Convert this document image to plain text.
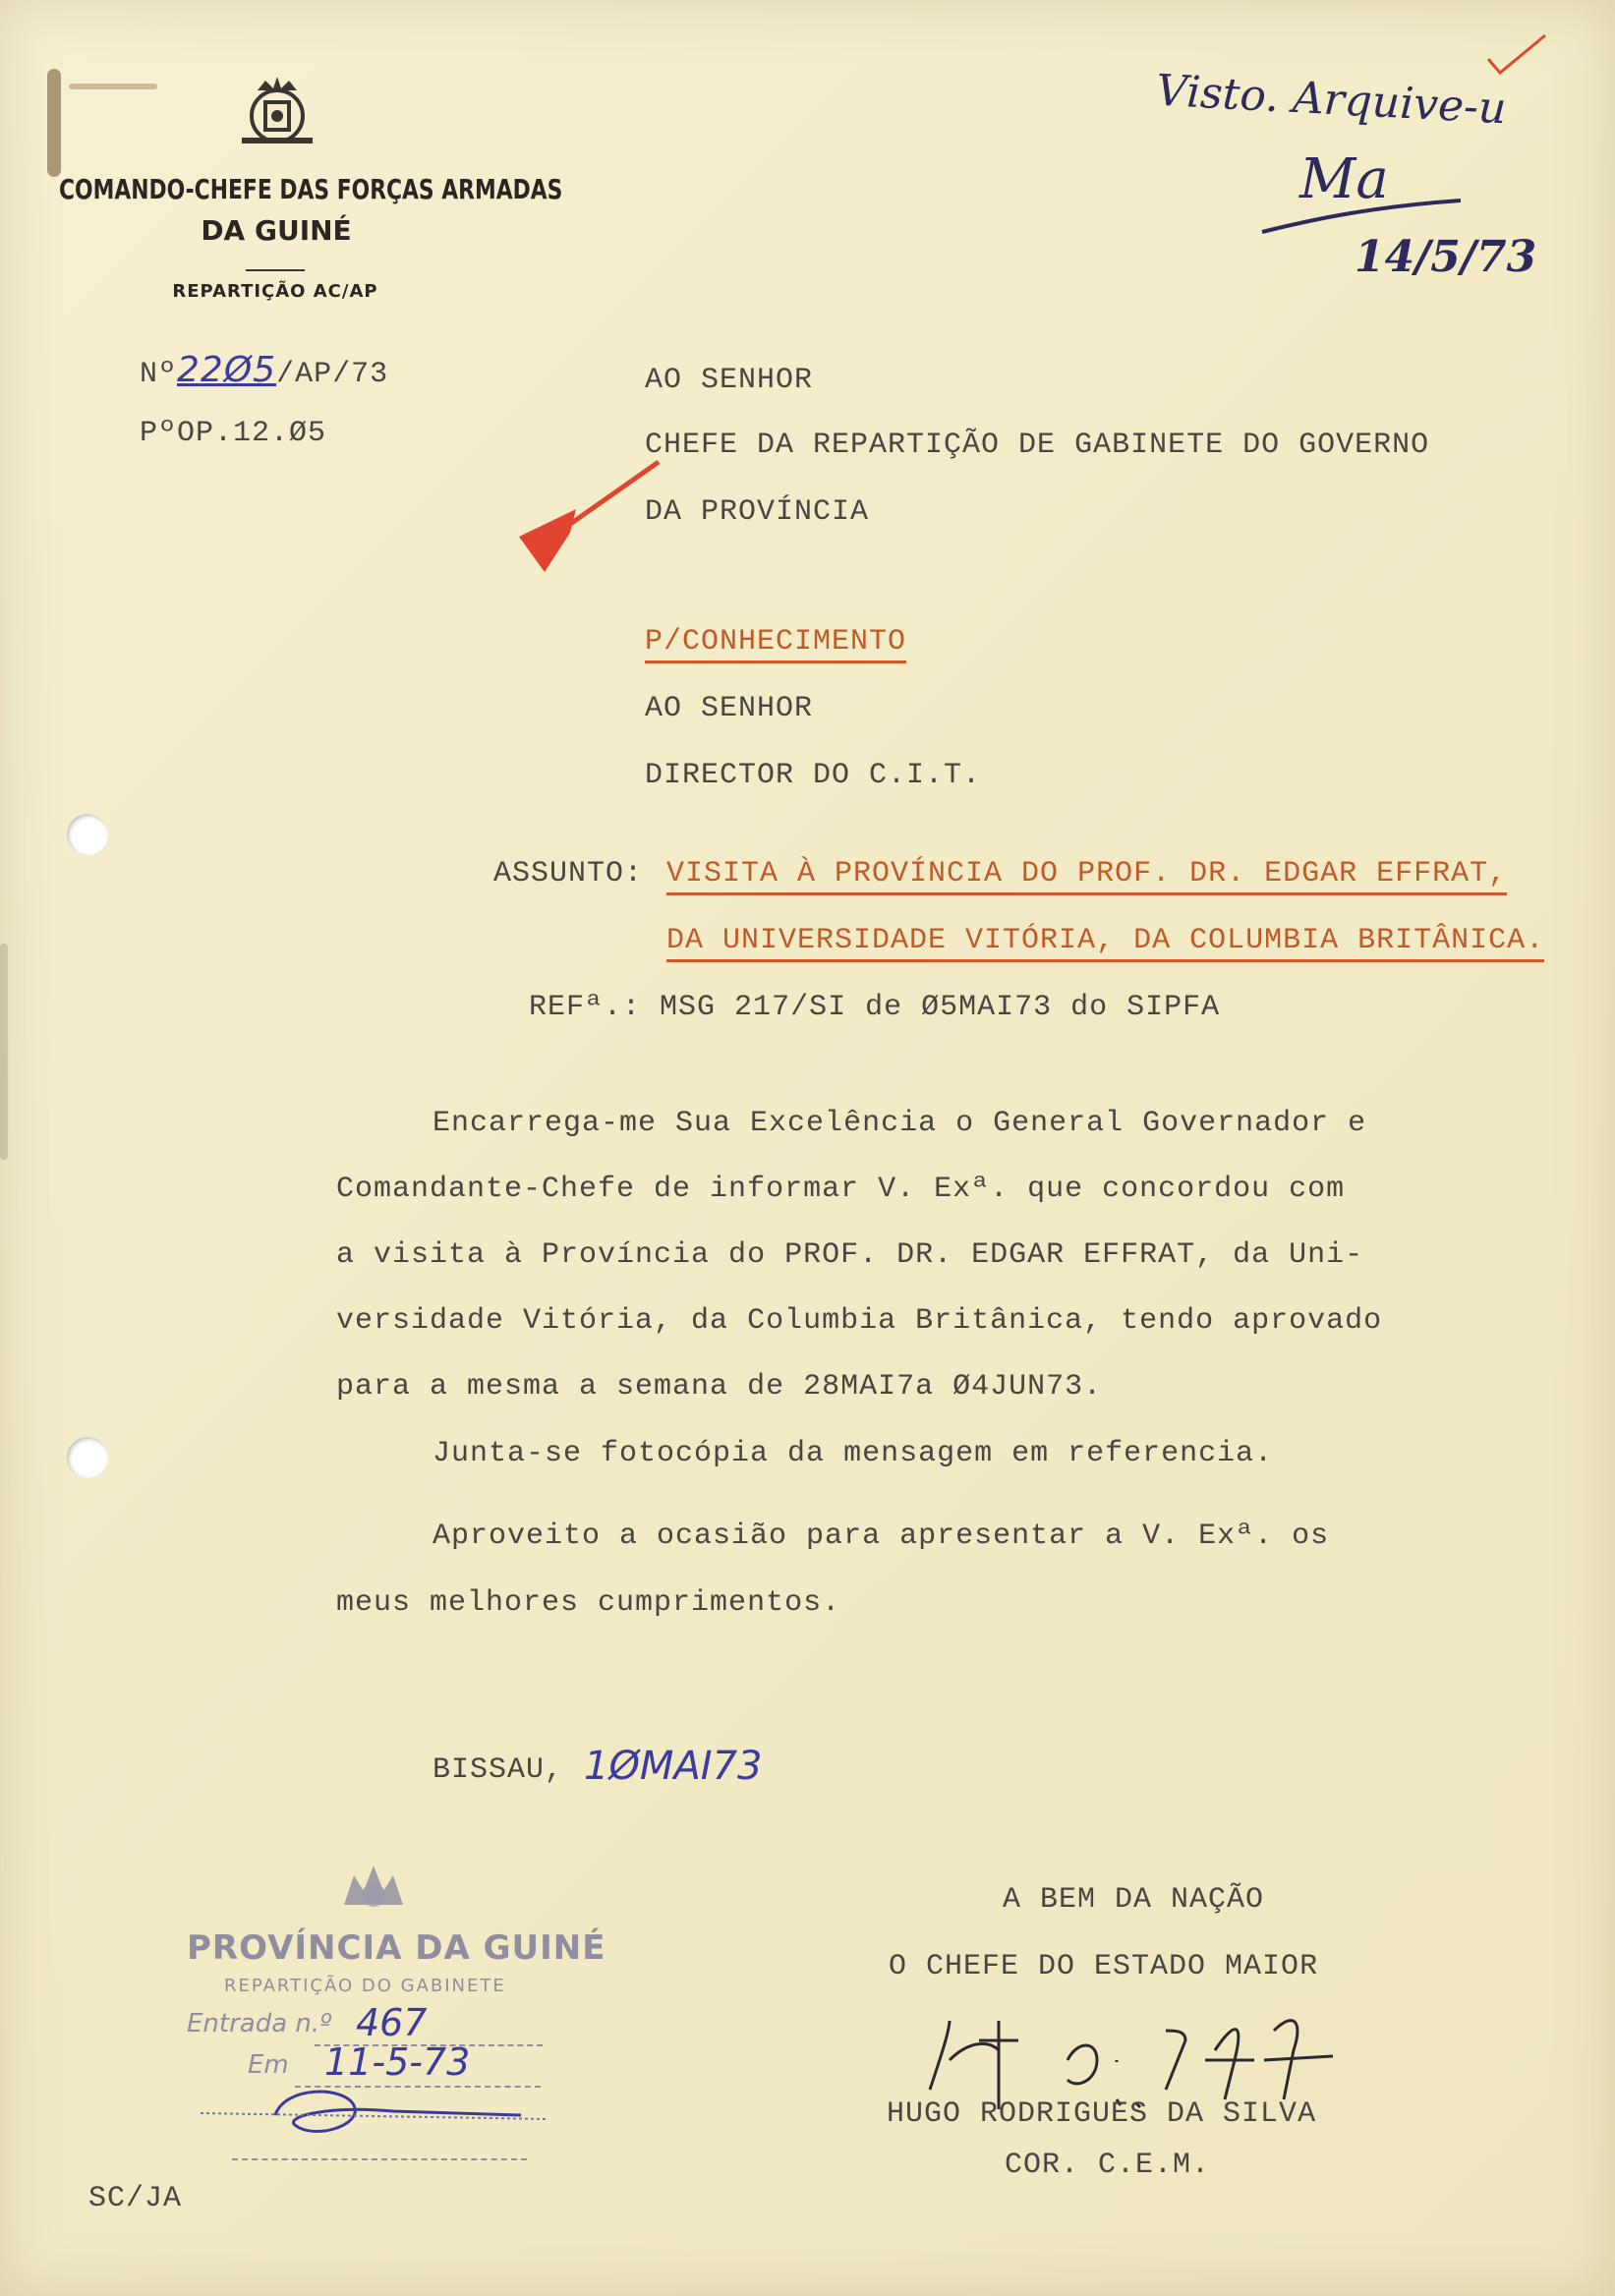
COMANDO-CHEFE DAS FORÇAS ARMADAS
DA GUINÉ
REPARTIÇÃO AC/AP
Nº22Ø5/AP/73
PºOP.12.Ø5
Visto. Arquive-u
Ma
14/5/73
AO SENHOR
CHEFE DA REPARTIÇÃO DE GABINETE DO GOVERNO
DA PROVÍNCIA
P/CONHECIMENTO
AO SENHOR
DIRECTOR DO C.I.T.
ASSUNTO: VISITA À PROVÍNCIA DO PROF. DR. EDGAR EFFRAT,
DA UNIVERSIDADE VITÓRIA, DA COLUMBIA BRITÂNICA.
REFª.: MSG 217/SI de Ø5MAI73 do SIPFA
Encarrega-me Sua Excelência o General Governador e
Comandante-Chefe de informar V. Exª. que concordou com
a visita à Província do PROF. DR. EDGAR EFFRAT, da Uni-
versidade Vitória, da Columbia Britânica, tendo aprovado
para a mesma a semana de 28MAI7a Ø4JUN73.
Junta-se fotocópia da mensagem em referencia.
Aproveito a ocasião para apresentar a V. Exª. os
meus melhores cumprimentos.
BISSAU, 1ØMAI73
PROVÍNCIA DA GUINÉ
REPARTIÇÃO DO GABINETE
Entrada n.º 467
Em 11-5-73
A BEM DA NAÇÃO
O CHEFE DO ESTADO MAIOR
HUGO RODRIGUES DA SILVA
COR. C.E.M.
SC/JA
